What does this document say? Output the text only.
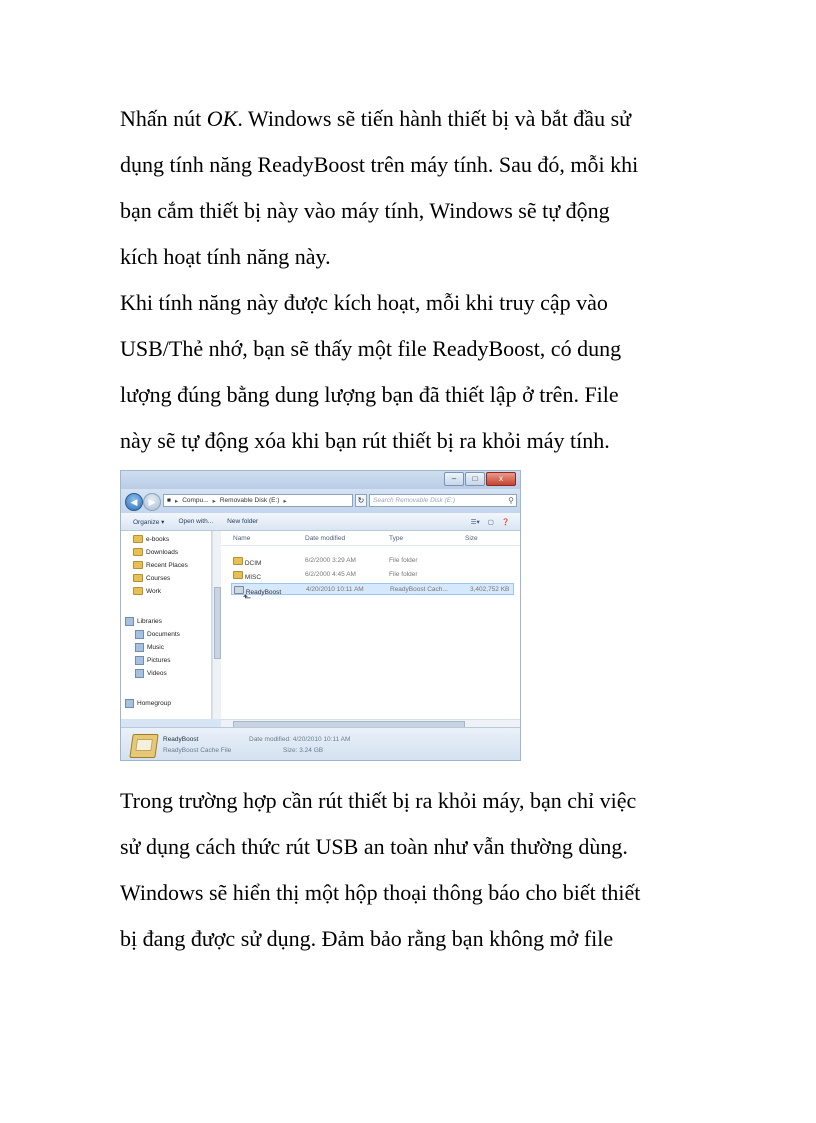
Nhấn nút OK. Windows sẽ tiến hành thiết bị và bắt đầu sử
dụng tính năng ReadyBoost trên máy tính. Sau đó, mỗi khi
bạn cắm thiết bị này vào máy tính, Windows sẽ tự động
kích hoạt tính năng này.
Khi tính năng này được kích hoạt, mỗi khi truy cập vào
USB/Thẻ nhớ, bạn sẽ thấy một file ReadyBoost, có dung
lượng đúng bằng dung lượng bạn đã thiết lập ở trên. File
này sẽ tự động xóa khi bạn rút thiết bị ra khỏi máy tính.
–	□	x
◀	▶	■ ▸ Compu... ▸ Removable Disk (E:) ▸	↻	Search Removable Disk (E:)	⚲
Organize ▾ Open with... New folder	☰▾ ▢ ❓
e-books
Downloads
Recent Places
Courses
Work
Libraries
Documents
Music
Pictures
Videos
Homegroup
Name	Date modified	Type	Size
DCIM	6/2/2000 3:29 AM	File folder
MISC	6/2/2000 4:45 AM	File folder
ReadyBoost	4/20/2010 10:11 AM	ReadyBoost Cach...	3,402,752 KB
⬑
ReadyBoost
ReadyBoost Cache File
Date modified: 4/20/2010 10:11 AM
Size: 3.24 GB
Trong trường hợp cần rút thiết bị ra khỏi máy, bạn chỉ việc
sử dụng cách thức rút USB an toàn như vẫn thường dùng.
Windows sẽ hiển thị một hộp thoại thông báo cho biết thiết
bị đang được sử dụng. Đảm bảo rằng bạn không mở file
